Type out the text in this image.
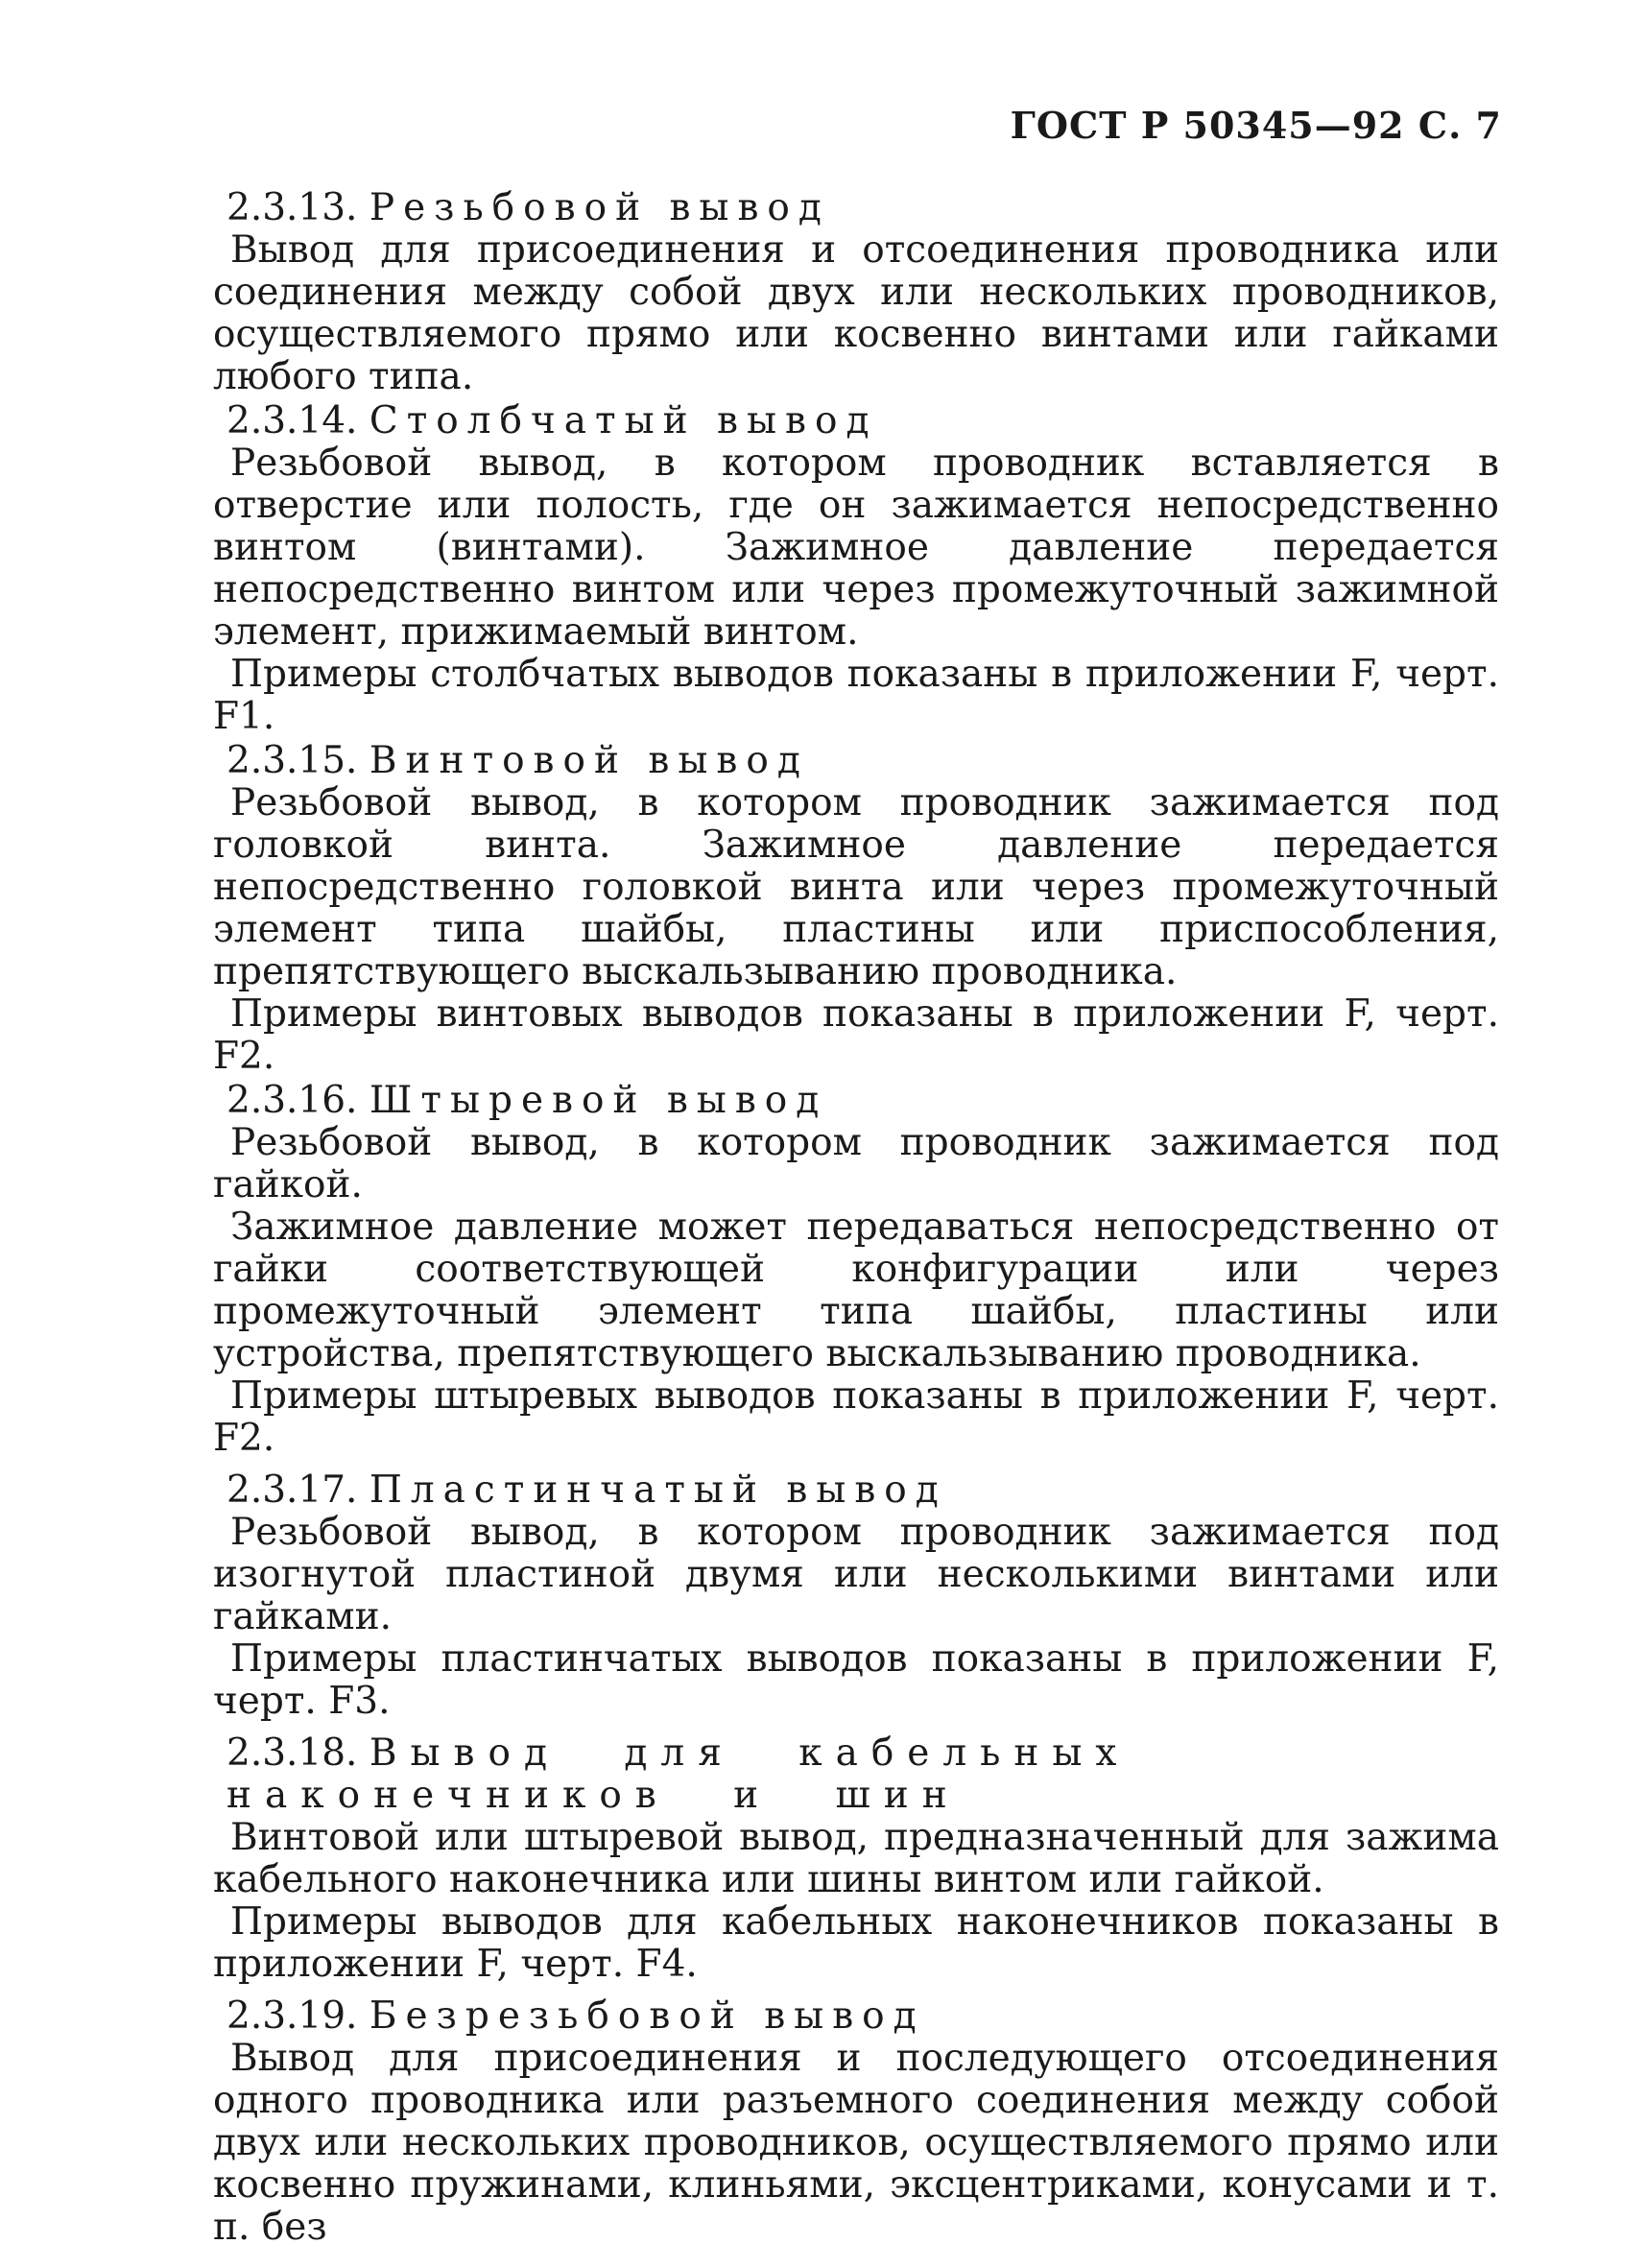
ГОСТ Р 50345—92 С. 7
2.3.13. Резьбовой вывод

Вывод для присоединения и отсоединения проводника или соединения между собой двух или нескольких проводников, осуществляемого прямо или косвенно винтами или гайками любого типа.

2.3.14. Столбчатый вывод

Резьбовой вывод, в котором проводник вставляется в отверстие или полость, где он зажимается непосредственно винтом (винтами). Зажимное давление передается непосредственно винтом или через промежуточный зажимной элемент, прижимаемый винтом.

Примеры столбчатых выводов показаны в приложении F, черт. F1.

2.3.15. Винтовой вывод

Резьбовой вывод, в котором проводник зажимается под головкой винта. Зажимное давление передается непосредственно головкой винта или через промежуточный элемент типа шайбы, пластины или приспособления, препятствующего выскальзыванию проводника.

Примеры винтовых выводов показаны в приложении F, черт. F2.

2.3.16. Штыревой вывод

Резьбовой вывод, в котором проводник зажимается под гайкой.

Зажимное давление может передаваться непосредственно от гайки соответствующей конфигурации или через промежуточный элемент типа шайбы, пластины или устройства, препятствующего выскальзыванию проводника.

Примеры штыревых выводов показаны в приложении F, черт. F2.

2.3.17. Пластинчатый вывод

Резьбовой вывод, в котором проводник зажимается под изогнутой пластиной двумя или несколькими винтами или гайками.

Примеры пластинчатых выводов показаны в приложении F, черт. F3.

2.3.18. Вывод для кабельных наконечников и шин

Винтовой или штыревой вывод, предназначенный для зажима кабельного наконечника или шины винтом или гайкой.

Примеры выводов для кабельных наконечников показаны в приложении F, черт. F4.

2.3.19. Безрезьбовой вывод

Вывод для присоединения и последующего отсоединения одного проводника или разъемного соединения между собой двух или нескольких проводников, осуществляемого прямо или косвенно пружинами, клиньями, эксцентриками, конусами и т. п. без
